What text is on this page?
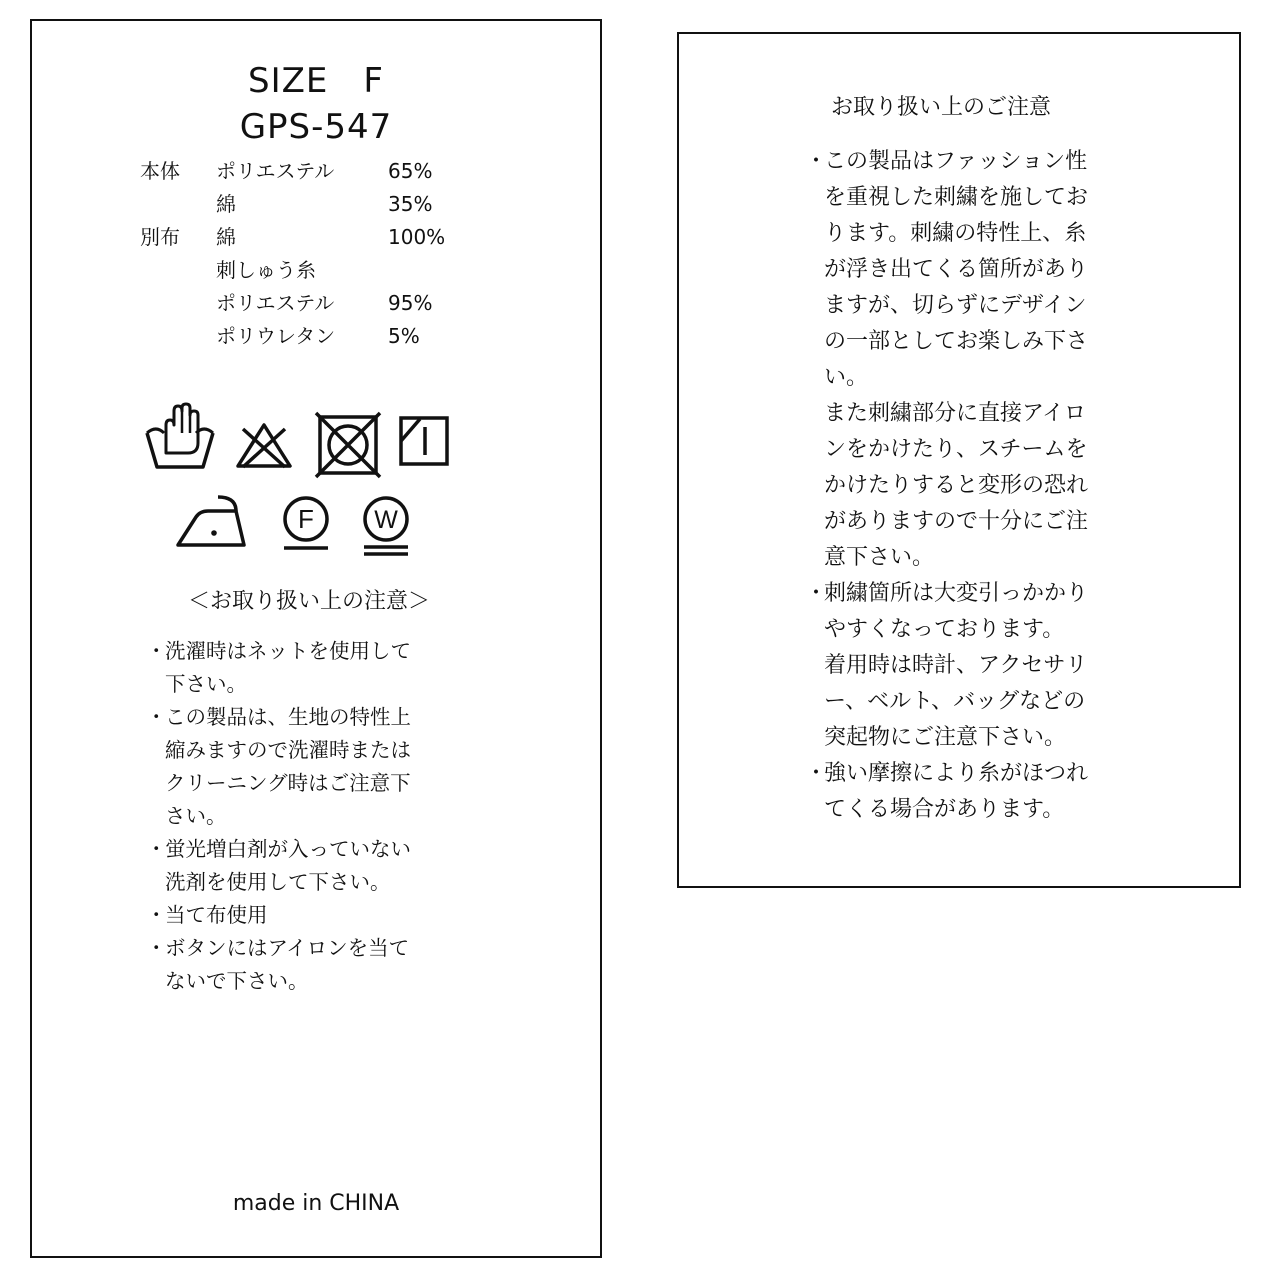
SIZE　F
GPS-547
本体 ポリエステル	65%
綿	35%
別布 綿	100%
刺しゅう糸
ポリエステル	95%
ポリウレタン	5%
F W
＜お取り扱い上の注意＞
・
洗濯時はネットを使用して
下さい。
・
この製品は、生地の特性上
縮みますので洗濯時または
クリーニング時はご注意下
さい。
・
蛍光増白剤が入っていない
洗剤を使用して下さい。
・
当て布使用
・
ボタンにはアイロンを当て
ないで下さい。
made in CHINA
お取り扱い上のご注意
・
この製品はファッション性
を重視した刺繍を施してお
ります。刺繍の特性上、糸
が浮き出てくる箇所があり
ますが、切らずにデザイン
の一部としてお楽しみ下さ
い。
また刺繍部分に直接アイロ
ンをかけたり、スチームを
かけたりすると変形の恐れ
がありますので十分にご注
意下さい。
・
刺繍箇所は大変引っかかり
やすくなっております。
着用時は時計、アクセサリ
ー、ベルト、バッグなどの
突起物にご注意下さい。
・
強い摩擦により糸がほつれ
てくる場合があります。
